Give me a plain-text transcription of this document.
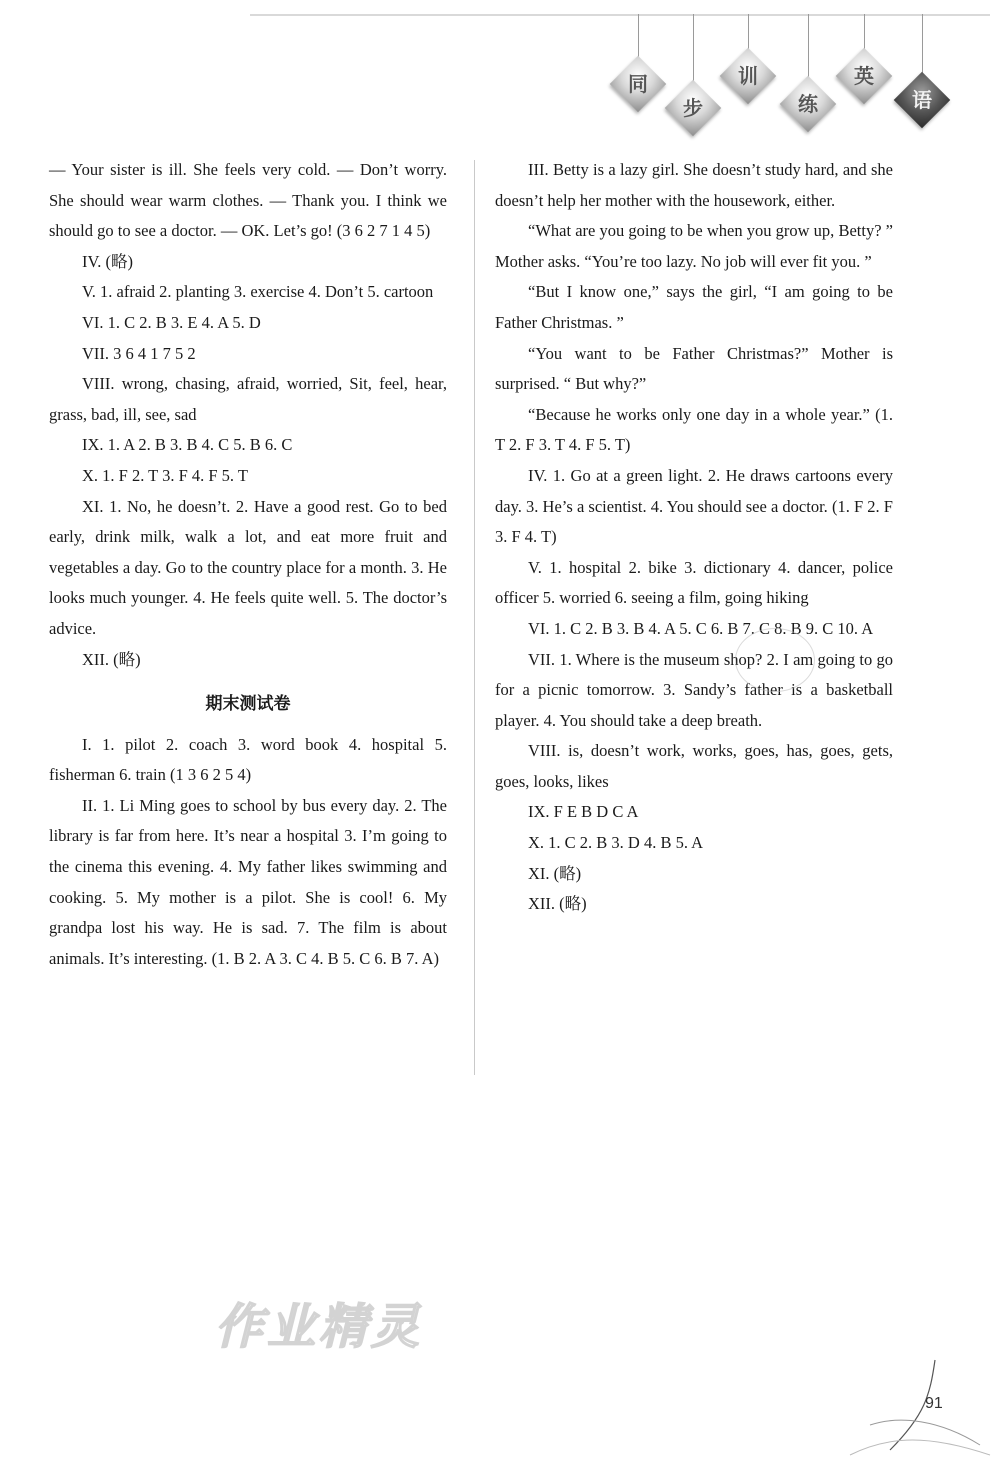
同
步
训
练
英
语

— Your sister is ill. She feels very cold. — Don’t worry. She should wear warm clothes. — Thank you. I think we should go to see a doctor. — OK. Let’s go! (3 6 2 7 1 4 5)

IV. (略)

V. 1. afraid 2. planting 3. exercise 4. Don’t 5. cartoon

VI. 1. C 2. B 3. E 4. A 5. D

VII. 3 6 4 1 7 5 2

VIII. wrong, chasing, afraid, worried, Sit, feel, hear, grass, bad, ill, see, sad

IX. 1. A 2. B 3. B 4. C 5. B 6. C

X. 1. F 2. T 3. F 4. F 5. T

XI. 1. No, he doesn’t. 2. Have a good rest. Go to bed early, drink milk, walk a lot, and eat more fruit and vegetables a day. Go to the country place for a month. 3. He looks much younger. 4. He feels quite well. 5. The doctor’s advice.

XII. (略)

期末测试卷

I. 1. pilot 2. coach 3. word book 4. hospital 5. fisherman 6. train (1 3 6 2 5 4)

II. 1. Li Ming goes to school by bus every day. 2. The library is far from here. It’s near a hospital 3. I’m going to the cinema this evening. 4. My father likes swimming and cooking. 5. My mother is a pilot. She is cool! 6. My grandpa lost his way. He is sad. 7. The film is about animals. It’s interesting. (1. B 2. A 3. C 4. B 5. C 6. B 7. A)

III. Betty is a lazy girl. She doesn’t study hard, and she doesn’t help her mother with the housework, either.

“What are you going to be when you grow up, Betty? ” Mother asks. “You’re too lazy. No job will ever fit you. ”

“But I know one,” says the girl, “I am going to be Father Christmas. ”

“You want to be Father Christmas?” Mother is surprised. “ But why?”

“Because he works only one day in a whole year.” (1. T 2. F 3. T 4. F 5. T)

IV. 1. Go at a green light. 2. He draws cartoons every day. 3. He’s a scientist. 4. You should see a doctor. (1. F 2. F 3. F 4. T)

V. 1. hospital 2. bike 3. dictionary 4. dancer, police officer 5. worried 6. seeing a film, going hiking

VI. 1. C 2. B 3. B 4. A 5. C 6. B 7. C 8. B 9. C 10. A

VII. 1. Where is the museum shop? 2. I am going to go for a picnic tomorrow. 3. Sandy’s father is a basketball player. 4. You should take a deep breath.

VIII. is, doesn’t work, works, goes, has, goes, gets, goes, looks, likes

IX. F E B D C A

X. 1. C 2. B 3. D 4. B 5. A

XI. (略)

XII. (略)

作业精灵
91
